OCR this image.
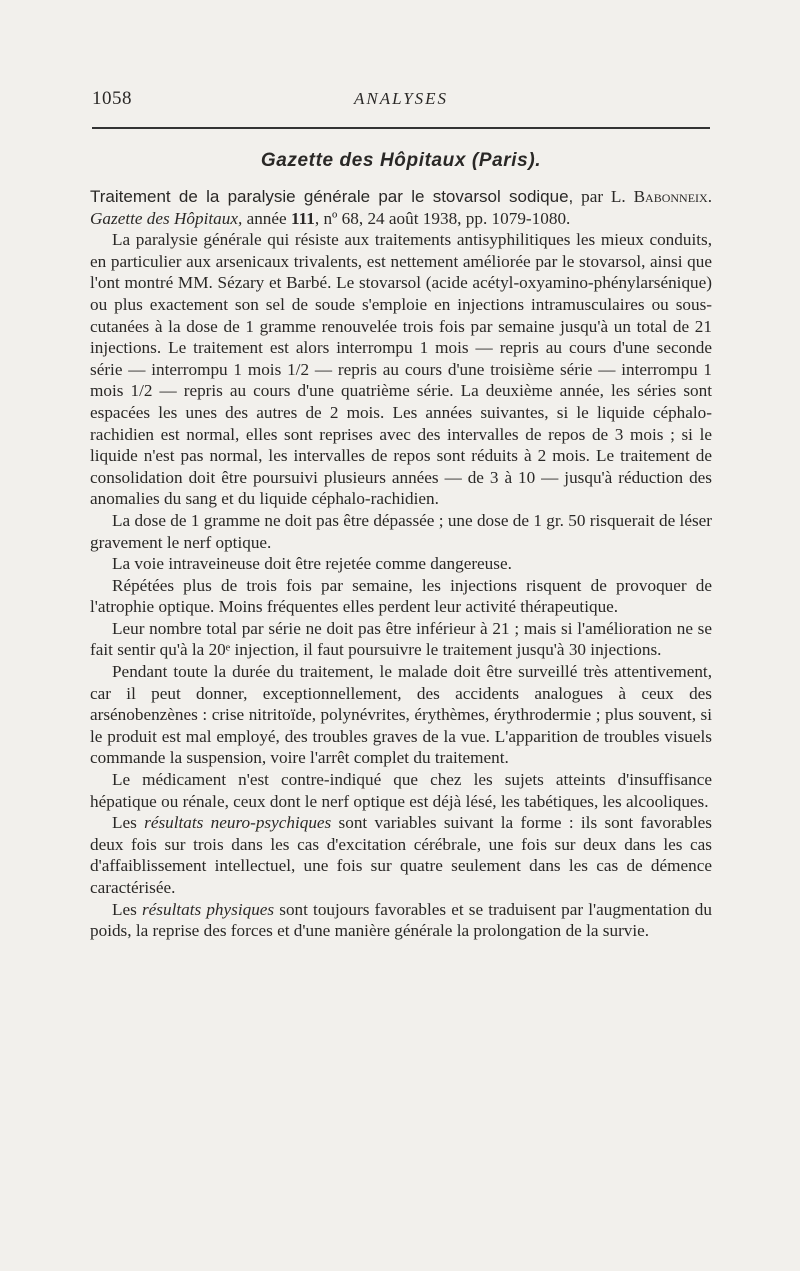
1058	ANALYSES
Gazette des Hôpitaux (Paris).

Traitement de la paralysie générale par le stovarsol sodique, par L. Babonneix. Gazette des Hôpitaux, année 111, nº 68, 24 août 1938, pp. 1079-1080.

La paralysie générale qui résiste aux traitements antisyphilitiques les mieux conduits, en particulier aux arsenicaux trivalents, est nettement améliorée par le stovarsol, ainsi que l'ont montré MM. Sézary et Barbé. Le stovarsol (acide acétyl-oxyamino-phénylarsénique) ou plus exactement son sel de soude s'emploie en injections intramusculaires ou sous-cutanées à la dose de 1 gramme renouvelée trois fois par semaine jusqu'à un total de 21 injections. Le traitement est alors interrompu 1 mois — repris au cours d'une seconde série — interrompu 1 mois 1/2 — repris au cours d'une troisième série — interrompu 1 mois 1/2 — repris au cours d'une quatrième série. La deuxième année, les séries sont espacées les unes des autres de 2 mois. Les années suivantes, si le liquide céphalo-rachidien est normal, elles sont reprises avec des intervalles de repos de 3 mois ; si le liquide n'est pas normal, les intervalles de repos sont réduits à 2 mois. Le traitement de consolidation doit être poursuivi plusieurs années — de 3 à 10 — jusqu'à réduction des anomalies du sang et du liquide céphalo-rachidien.

La dose de 1 gramme ne doit pas être dépassée ; une dose de 1 gr. 50 risquerait de léser gravement le nerf optique.

La voie intraveineuse doit être rejetée comme dangereuse.

Répétées plus de trois fois par semaine, les injections risquent de provoquer de l'atrophie optique. Moins fréquentes elles perdent leur activité thérapeutique.

Leur nombre total par série ne doit pas être inférieur à 21 ; mais si l'amélioration ne se fait sentir qu'à la 20ᵉ injection, il faut poursuivre le traitement jusqu'à 30 injections.

Pendant toute la durée du traitement, le malade doit être surveillé très attentivement, car il peut donner, exceptionnellement, des accidents analogues à ceux des arsénobenzènes : crise nitritoïde, polynévrites, érythèmes, érythrodermie ; plus souvent, si le produit est mal employé, des troubles graves de la vue. L'apparition de troubles visuels commande la suspension, voire l'arrêt complet du traitement.

Le médicament n'est contre-indiqué que chez les sujets atteints d'insuffisance hépatique ou rénale, ceux dont le nerf optique est déjà lésé, les tabétiques, les alcooliques.

Les résultats neuro-psychiques sont variables suivant la forme : ils sont favorables deux fois sur trois dans les cas d'excitation cérébrale, une fois sur deux dans les cas d'affaiblissement intellectuel, une fois sur quatre seulement dans les cas de démence caractérisée.

Les résultats physiques sont toujours favorables et se traduisent par l'augmentation du poids, la reprise des forces et d'une manière générale la prolongation de la survie.
